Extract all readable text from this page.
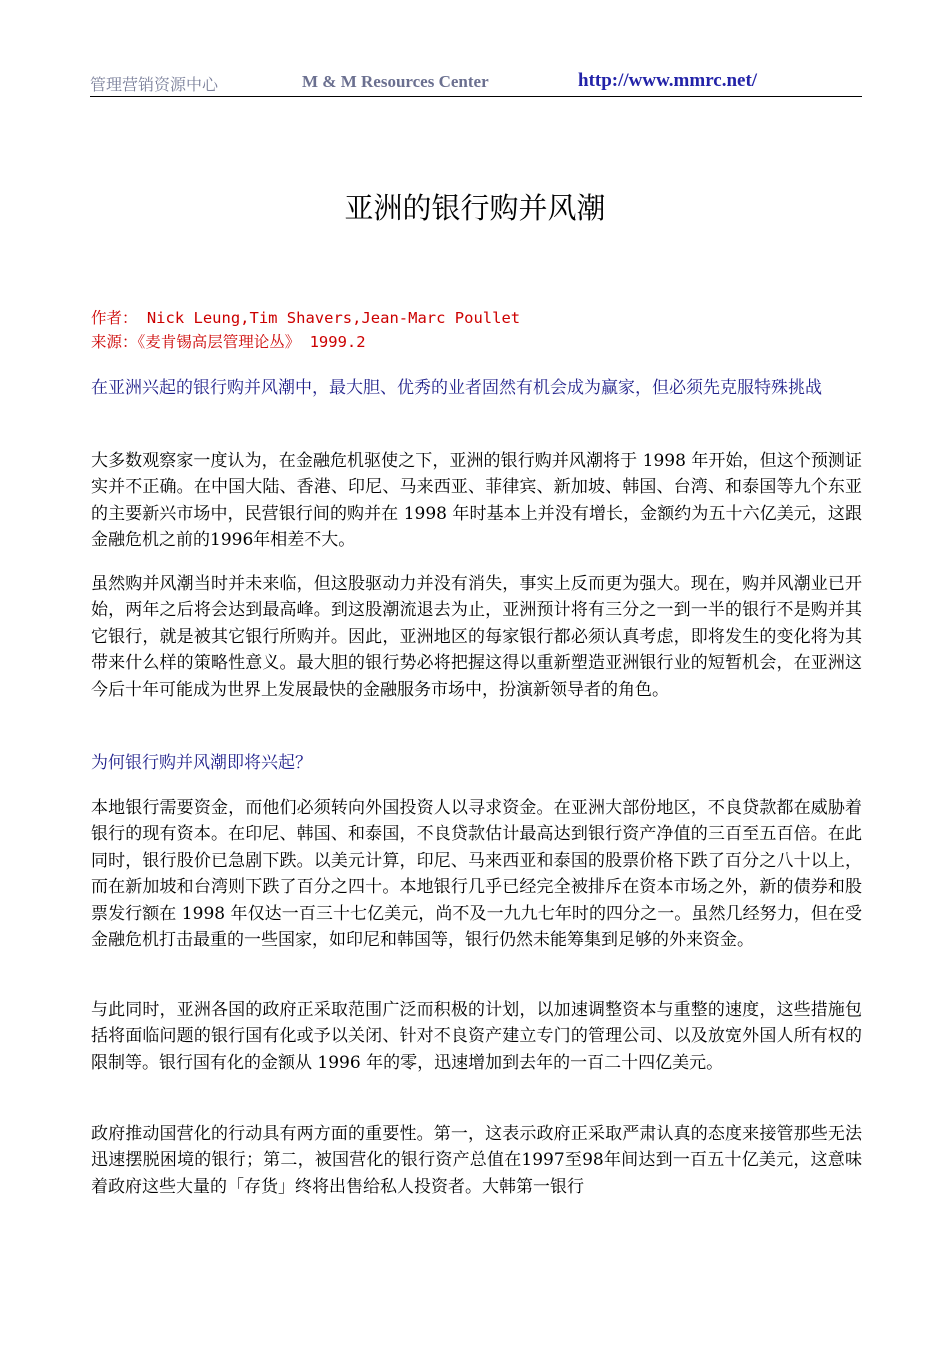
管理营销资源中心	M & M Resources Center	http://www.mmrc.net/
亚洲的银行购并风潮
作者： Nick Leung,Tim Shavers,Jean-Marc Poullet
来源：《麦肯锡高层管理论丛》 1999.2

在亚洲兴起的银行购并风潮中，最大胆、优秀的业者固然有机会成为赢家，但必须先克服特殊挑战

大多数观察家一度认为，在金融危机驱使之下，亚洲的银行购并风潮将于 1998 年开始，但这个预测证实并不正确。在中国大陆、香港、印尼、马来西亚、菲律宾、新加坡、韩国、台湾、和泰国等九个东亚的主要新兴市场中，民营银行间的购并在 1998 年时基本上并没有增长，金额约为五十六亿美元，这跟金融危机之前的1996年相差不大。

虽然购并风潮当时并未来临，但这股驱动力并没有消失，事实上反而更为强大。现在，购并风潮业已开始，两年之后将会达到最高峰。到这股潮流退去为止，亚洲预计将有三分之一到一半的银行不是购并其它银行，就是被其它银行所购并。因此，亚洲地区的每家银行都必须认真考虑，即将发生的变化将为其带来什么样的策略性意义。最大胆的银行势必将把握这得以重新塑造亚洲银行业的短暂机会，在亚洲这今后十年可能成为世界上发展最快的金融服务市场中，扮演新领导者的角色。

为何银行购并风潮即将兴起？

本地银行需要资金，而他们必须转向外国投资人以寻求资金。在亚洲大部份地区，不良贷款都在威胁着银行的现有资本。在印尼、韩国、和泰国，不良贷款估计最高达到银行资产净值的三百至五百倍。在此同时，银行股价已急剧下跌。以美元计算，印尼、马来西亚和泰国的股票价格下跌了百分之八十以上，而在新加坡和台湾则下跌了百分之四十。本地银行几乎已经完全被排斥在资本市场之外，新的债券和股票发行额在 1998 年仅达一百三十七亿美元，尚不及一九九七年时的四分之一。虽然几经努力，但在受金融危机打击最重的一些国家，如印尼和韩国等，银行仍然未能筹集到足够的外来资金。

与此同时，亚洲各国的政府正采取范围广泛而积极的计划，以加速调整资本与重整的速度，这些措施包括将面临问题的银行国有化或予以关闭、针对不良资产建立专门的管理公司、以及放宽外国人所有权的限制等。银行国有化的金额从 1996 年的零，迅速增加到去年的一百二十四亿美元。

政府推动国营化的行动具有两方面的重要性。第一，这表示政府正采取严肃认真的态度来接管那些无法迅速摆脱困境的银行；第二，被国营化的银行资产总值在1997至98年间达到一百五十亿美元，这意味着政府这些大量的「存货」终将出售给私人投资者。大韩第一银行
